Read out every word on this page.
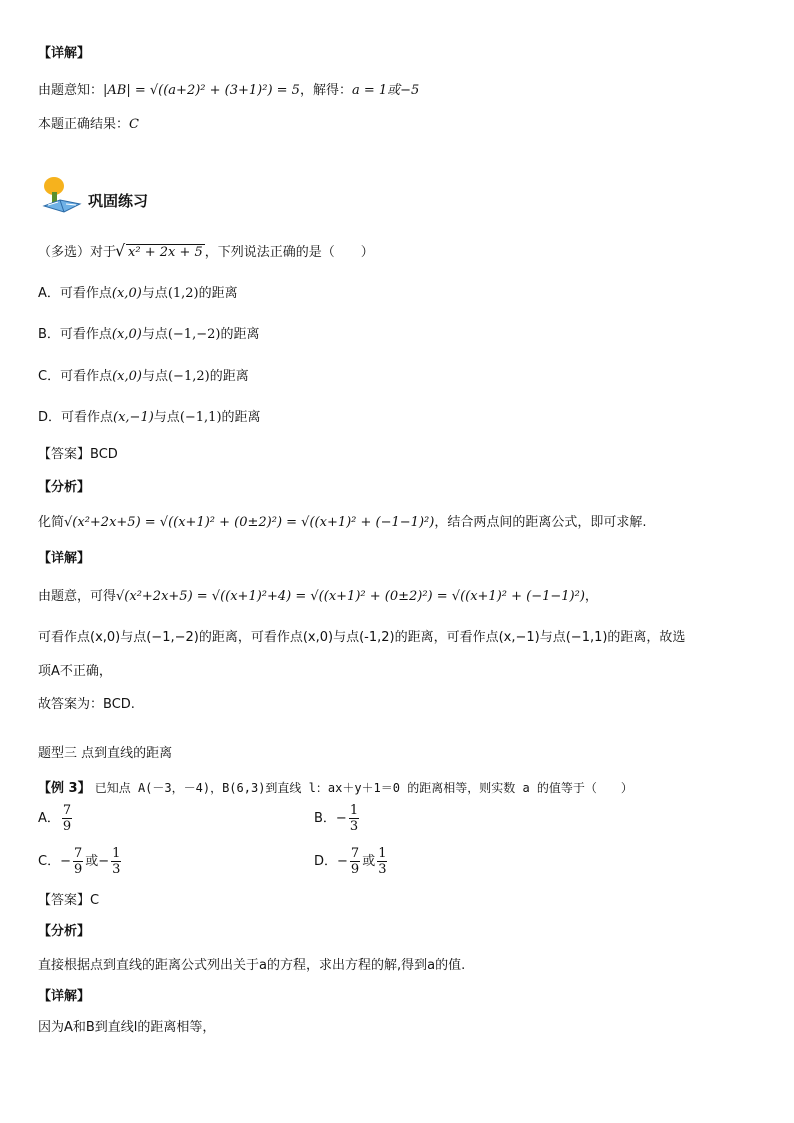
【详解】
由题意知：|AB| = √((a+2)² + (3+1)²) = 5，解得：a = 1或−5
本题正确结果：C
巩固练习
（多选）对于√ x² + 2x + 5 ，下列说法正确的是（　　）
A．可看作点(x,0)与点(1,2)的距离
B．可看作点(x,0)与点(−1,−2)的距离
C．可看作点(x,0)与点(−1,2)的距离
D．可看作点(x,−1)与点(−1,1)的距离
【答案】BCD
【分析】
化简√(x²+2x+5) = √((x+1)² + (0±2)²) = √((x+1)² + (−1−1)²)，结合两点间的距离公式，即可求解.
【详解】
由题意，可得√(x²+2x+5) = √((x+1)²+4) = √((x+1)² + (0±2)²) = √((x+1)² + (−1−1)²)，
可看作点(x,0)与点(−1,−2)的距离，可看作点(x,0)与点(-1,2)的距离，可看作点(x,−1)与点(−1,1)的距离，故选
项A不正确，
故答案为：BCD.
题型三 点到直线的距离
【例 3】 已知点 A(－3，－4)，B(6,3)到直线 l：ax＋y＋1＝0 的距离相等，则实数 a 的值等于（　　）
A． $\frac{7}{9}$	B．− $\frac{1}{3}$
C．− $\frac{7}{9}$ 或− $\frac{1}{3}$	D．− $\frac{7}{9}$ 或 $\frac{1}{3}$
【答案】C
【分析】
直接根据点到直线的距离公式列出关于a的方程，求出方程的解,得到a的值.
【详解】
因为A和B到直线l的距离相等，
